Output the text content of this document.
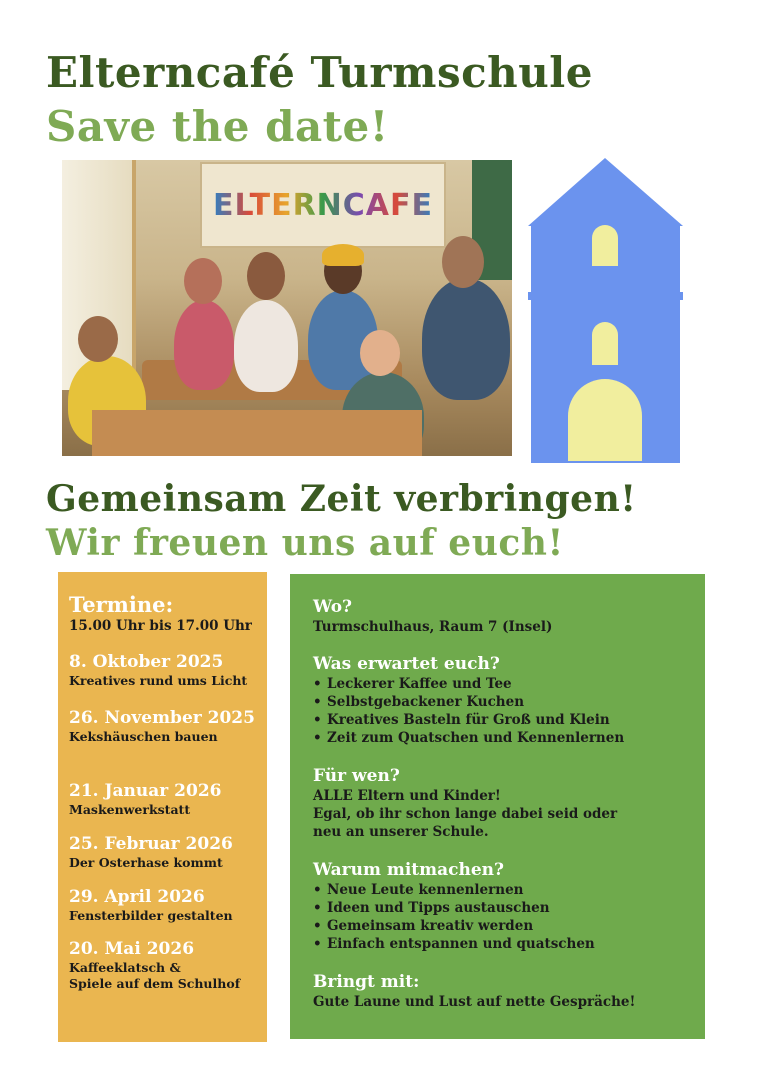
Elterncafé Turmschule
Save the date!
ELTERNCAFE
Gemeinsam Zeit verbringen!
Wir freuen uns auf euch!
Termine:
15.00 Uhr bis 17.00 Uhr
8. Oktober 2025
Kreatives rund ums Licht
26. November 2025
Kekshäuschen bauen
21. Januar 2026
Maskenwerkstatt
25. Februar 2026
Der Osterhase kommt
29. April 2026
Fensterbilder gestalten
20. Mai 2026
Kaffeeklatsch &
Spiele auf dem Schulhof
Wo?
Turmschulhaus, Raum 7 (Insel)
Was erwartet euch?
• Leckerer Kaffee und Tee
• Selbstgebackener Kuchen
• Kreatives Basteln für Groß und Klein
• Zeit zum Quatschen und Kennenlernen
Für wen?
ALLE Eltern und Kinder!
Egal, ob ihr schon lange dabei seid oder
neu an unserer Schule.
Warum mitmachen?
• Neue Leute kennenlernen
• Ideen und Tipps austauschen
• Gemeinsam kreativ werden
• Einfach entspannen und quatschen
Bringt mit:
Gute Laune und Lust auf nette Gespräche!
